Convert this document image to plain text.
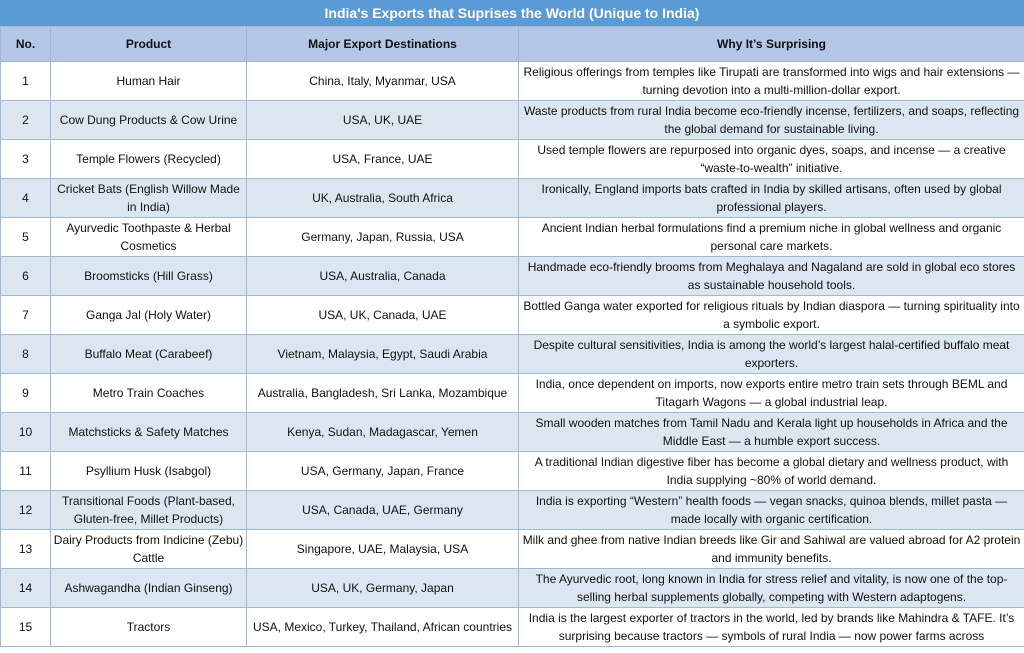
India's Exports that Suprises the World (Unique to India)
No.	Product	Major Export Destinations	Why It’s Surprising
1	Human Hair	China, Italy, Myanmar, USA	Religious offerings from temples like Tirupati are transformed into wigs and hair extensions — turning devotion into a multi-million-dollar export.
2	Cow Dung Products & Cow Urine	USA, UK, UAE	Waste products from rural India become eco-friendly incense, fertilizers, and soaps, reflecting the global demand for sustainable living.
3	Temple Flowers (Recycled)	USA, France, UAE	Used temple flowers are repurposed into organic dyes, soaps, and incense — a creative “waste-to-wealth” initiative.
4	Cricket Bats (English Willow Made in India)	UK, Australia, South Africa	Ironically, England imports bats crafted in India by skilled artisans, often used by global professional players.
5	Ayurvedic Toothpaste & Herbal Cosmetics	Germany, Japan, Russia, USA	Ancient Indian herbal formulations find a premium niche in global wellness and organic personal care markets.
6	Broomsticks (Hill Grass)	USA, Australia, Canada	Handmade eco-friendly brooms from Meghalaya and Nagaland are sold in global eco stores as sustainable household tools.
7	Ganga Jal (Holy Water)	USA, UK, Canada, UAE	Bottled Ganga water exported for religious rituals by Indian diaspora — turning spirituality into a symbolic export.
8	Buffalo Meat (Carabeef)	Vietnam, Malaysia, Egypt, Saudi Arabia	Despite cultural sensitivities, India is among the world’s largest halal-certified buffalo meat exporters.
9	Metro Train Coaches	Australia, Bangladesh, Sri Lanka, Mozambique	India, once dependent on imports, now exports entire metro train sets through BEML and Titagarh Wagons — a global industrial leap.
10	Matchsticks & Safety Matches	Kenya, Sudan, Madagascar, Yemen	Small wooden matches from Tamil Nadu and Kerala light up households in Africa and the Middle East — a humble export success.
11	Psyllium Husk (Isabgol)	USA, Germany, Japan, France	A traditional Indian digestive fiber has become a global dietary and wellness product, with India supplying ~80% of world demand.
12	Transitional Foods (Plant-based, Gluten-free, Millet Products)	USA, Canada, UAE, Germany	India is exporting “Western” health foods — vegan snacks, quinoa blends, millet pasta — made locally with organic certification.
13	Dairy Products from Indicine (Zebu) Cattle	Singapore, UAE, Malaysia, USA	Milk and ghee from native Indian breeds like Gir and Sahiwal are valued abroad for A2 protein and immunity benefits.
14	Ashwagandha (Indian Ginseng)	USA, UK, Germany, Japan	The Ayurvedic root, long known in India for stress relief and vitality, is now one of the top-selling herbal supplements globally, competing with Western adaptogens.
15	Tractors	USA, Mexico, Turkey, Thailand, African countries	India is the largest exporter of tractors in the world, led by brands like Mahindra & TAFE. It’s surprising because tractors — symbols of rural India — now power farms across
